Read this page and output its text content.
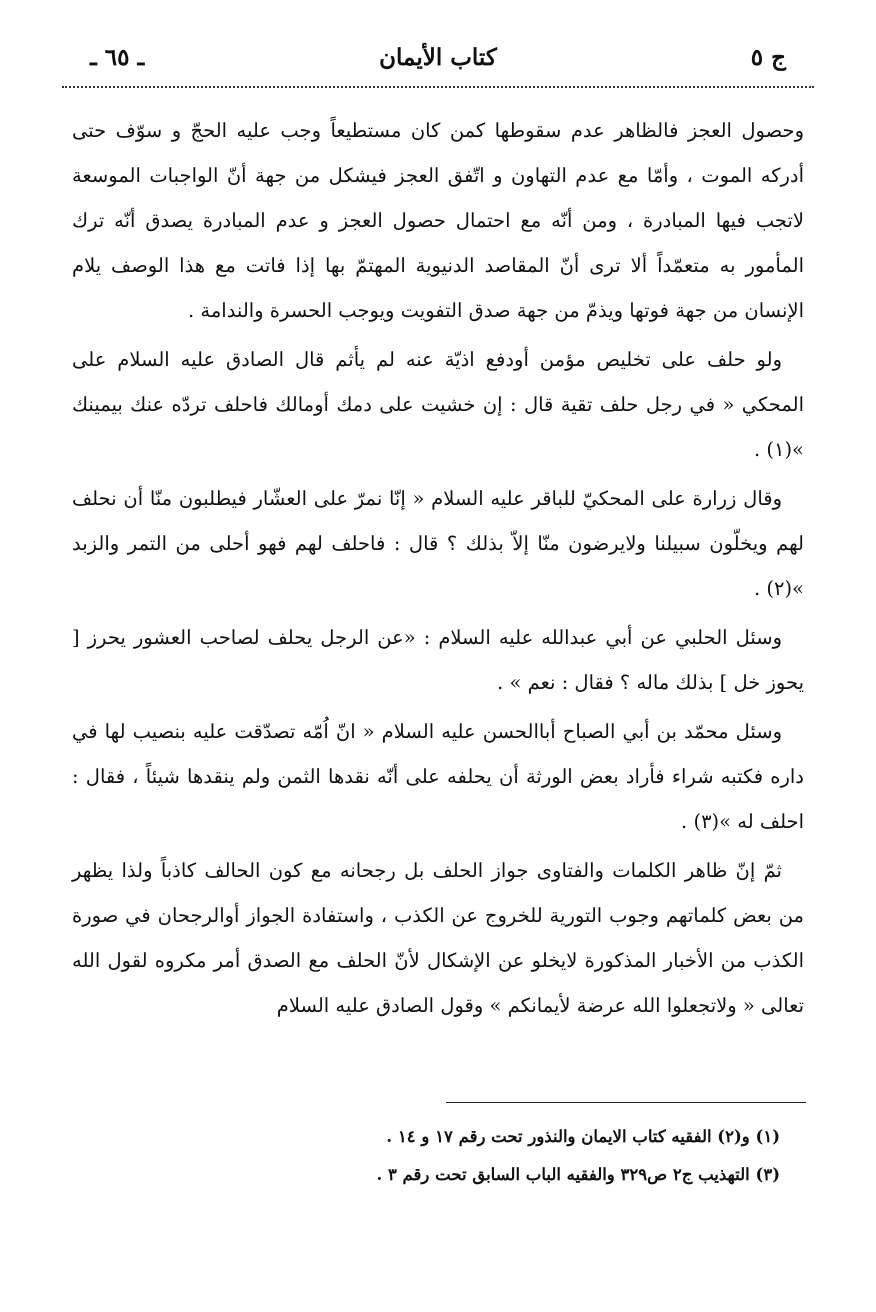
ج ٥
كتاب الأيمان
ـ ٦٥ ـ

وحصول العجز فالظاهر عدم سقوطها كمن كان مستطيعاً وجب عليه الحجّ و سوّف حتى أدركه الموت ، وأمّا مع عدم التهاون و اتّفق العجز فيشكل من جهة أنّ الواجبات الموسعة لاتجب فيها المبادرة ، ومن أنّه مع احتمال حصول العجز و عدم المبادرة يصدق أنّه ترك المأمور به متعمّداً ألا ترى أنّ المقاصد الدنيوية المهتمّ بها إذا فاتت مع هذا الوصف يلام الإنسان من جهة فوتها ويذمّ من جهة صدق التفويت ويوجب الحسرة والندامة .

ولو حلف على تخليص مؤمن أودفع اذيّة عنه لم يأثم قال الصادق عليه السلام على المحكي « في رجل حلف تقية قال : إن خشيت على دمك أومالك فاحلف تردّه عنك بيمينك »(١) .

وقال زرارة على المحكيّ للباقر عليه السلام « إنّا نمرّ على العشّار فيطلبون منّا أن نحلف لهم ويخلّون سبيلنا ولايرضون منّا إلاّ بذلك ؟ قال : فاحلف لهم فهو أحلى من التمر والزبد »(٢) .

وسئل الحلبي عن أبي عبدالله عليه السلام : «عن الرجل يحلف لصاحب العشور يحرز [ يحوز خل ] بذلك ماله ؟ فقال : نعم » .

وسئل محمّد بن أبي الصباح أباالحسن عليه السلام « انّ اُمّه تصدّقت عليه بنصيب لها في داره فكتبه شراء فأراد بعض الورثة أن يحلفه على أنّه نقدها الثمن ولم ينقدها شيئاً ، فقال : احلف له »(٣) .

ثمّ إنّ ظاهر الكلمات والفتاوى جواز الحلف بل رجحانه مع كون الحالف كاذباً ولذا يظهر من بعض كلماتهم وجوب التورية للخروج عن الكذب ، واستفادة الجواز أوالرجحان في صورة الكذب من الأخبار المذكورة لايخلو عن الإشكال لأنّ الحلف مع الصدق أمر مكروه لقول الله تعالى « ولاتجعلوا الله عرضة لأيمانكم » وقول الصادق عليه السلام

(١) و(٢) الفقيه كتاب الايمان والنذور تحت رقم ١٧ و ١٤ .

(٣) التهذيب ج٢ ص٣٢٩ والفقيه الباب السابق تحت رقم ٣ .
